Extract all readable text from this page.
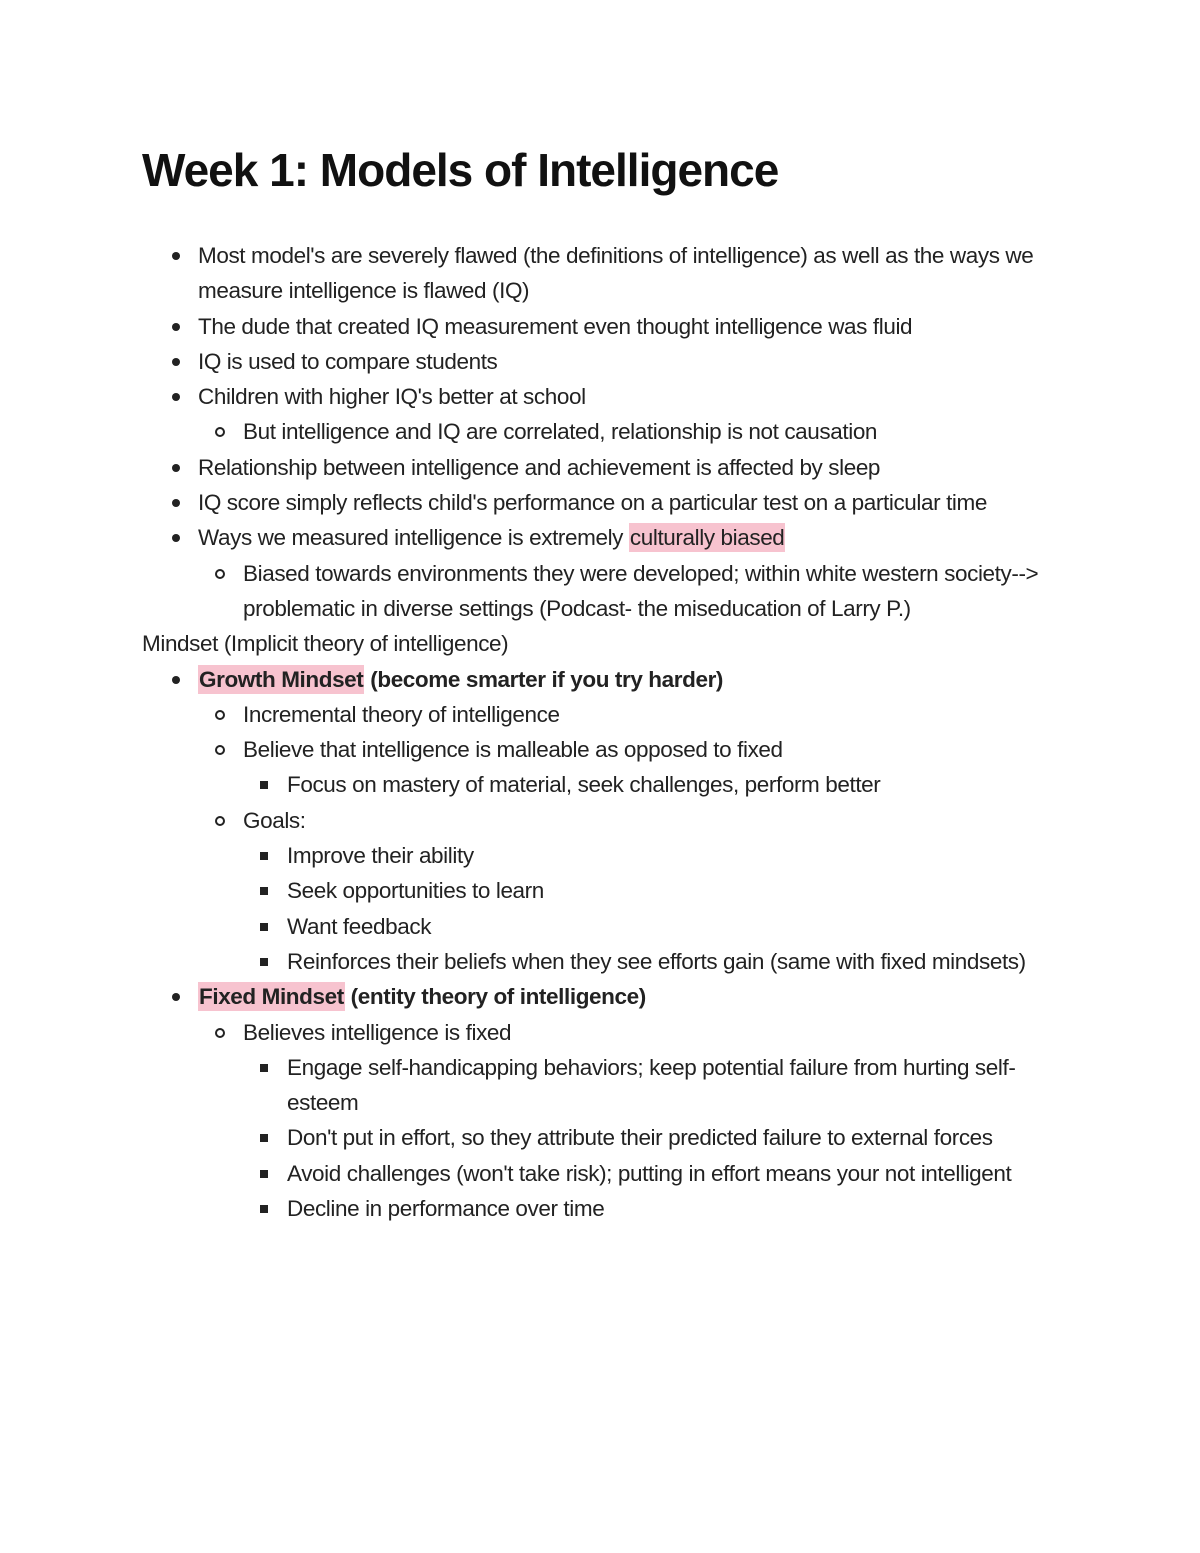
Week 1: Models of Intelligence
Most model's are severely flawed (the definitions of intelligence) as well as the ways we measure intelligence is flawed (IQ)
The dude that created IQ measurement even thought intelligence was fluid
IQ is used to compare students
Children with higher IQ's better at school
But intelligence and IQ are correlated, relationship is not causation
Relationship between intelligence and achievement is affected by sleep
IQ score simply reflects child's performance on a particular test on a particular time
Ways we measured intelligence is extremely culturally biased
Biased towards environments they were developed; within white western society--> problematic in diverse settings (Podcast- the miseducation of Larry P.)
Mindset (Implicit theory of intelligence)
Growth Mindset (become smarter if you try harder)
Incremental theory of intelligence
Believe that intelligence is malleable as opposed to fixed
Focus on mastery of material, seek challenges, perform better
Goals:
Improve their ability
Seek opportunities to learn
Want feedback
Reinforces their beliefs when they see efforts gain (same with fixed mindsets)
Fixed Mindset (entity theory of intelligence)
Believes intelligence is fixed
Engage self-handicapping behaviors; keep potential failure from hurting self-esteem
Don't put in effort, so they attribute their predicted failure to external forces
Avoid challenges (won't take risk); putting in effort means your not intelligent
Decline in performance over time
